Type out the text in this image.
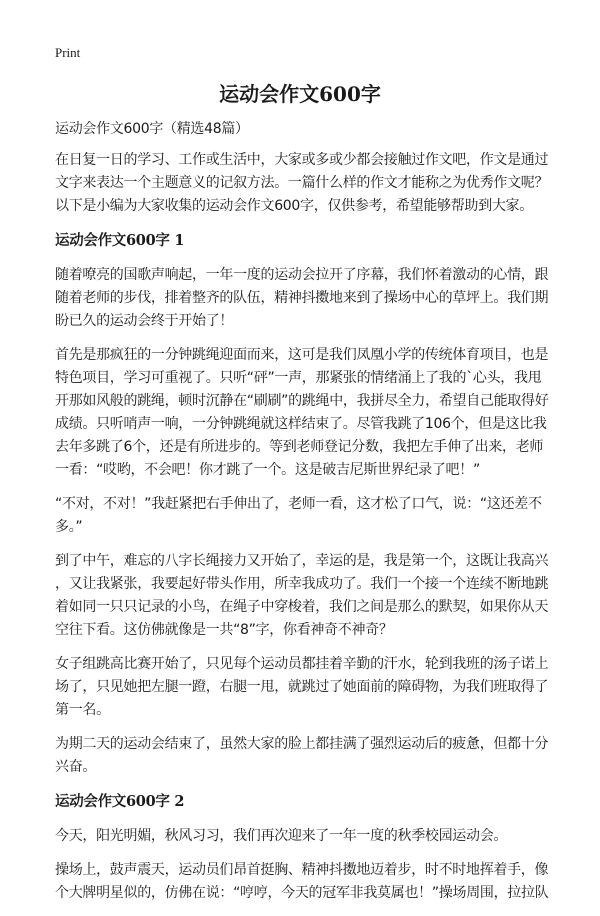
Print
运动会作文600字
运动会作文600字（精选48篇）
在日复一日的学习、工作或生活中，大家或多或少都会接触过作文吧，作文是通过
文字来表达一个主题意义的记叙方法。一篇什么样的作文才能称之为优秀作文呢？
以下是小编为大家收集的运动会作文600字，仅供参考，希望能够帮助到大家。
运动会作文600字 1
随着嘹亮的国歌声响起，一年一度的运动会拉开了序幕，我们怀着激动的心情，跟
随着老师的步伐，排着整齐的队伍，精神抖擞地来到了操场中心的草坪上。我们期
盼已久的运动会终于开始了！
首先是那疯狂的一分钟跳绳迎面而来，这可是我们凤凰小学的传统体育项目，也是
特色项目，学习可重视了。只听“砰”一声，那紧张的情绪涌上了我的`心头，我甩
开那如风般的跳绳，顿时沉静在“刷刷”的跳绳中，我拼尽全力，希望自己能取得好
成绩。只听哨声一响，一分钟跳绳就这样结束了。尽管我跳了106个，但是这比我
去年多跳了6个，还是有所进步的。等到老师登记分数，我把左手伸了出来，老师
一看：“哎哟，不会吧！你才跳了一个。这是破吉尼斯世界纪录了吧！”
“不对，不对！”我赶紧把右手伸出了，老师一看，这才松了口气，说：“这还差不
多。”
到了中午，难忘的八字长绳接力又开始了，幸运的是，我是第一个，这既让我高兴
，又让我紧张，我要起好带头作用，所幸我成功了。我们一个接一个连续不断地跳
着如同一只只记录的小鸟，在绳子中穿梭着，我们之间是那么的默契，如果你从天
空往下看。这仿佛就像是一共“8”字，你看神奇不神奇？
女子组跳高比赛开始了，只见每个运动员都挂着辛勤的汗水，轮到我班的汤子诺上
场了，只见她把左腿一蹬，右腿一甩，就跳过了她面前的障碍物，为我们班取得了
第一名。
为期二天的运动会结束了，虽然大家的脸上都挂满了强烈运动后的疲惫，但都十分
兴奋。
运动会作文600字 2
今天，阳光明媚，秋风习习，我们再次迎来了一年一度的秋季校园运动会。
操场上，鼓声震天，运动员们昂首挺胸、精神抖擞地迈着步，时不时地挥着手，像
个大牌明星似的，仿佛在说：“哼哼，今天的冠军非我莫属也！”操场周围，拉拉队
